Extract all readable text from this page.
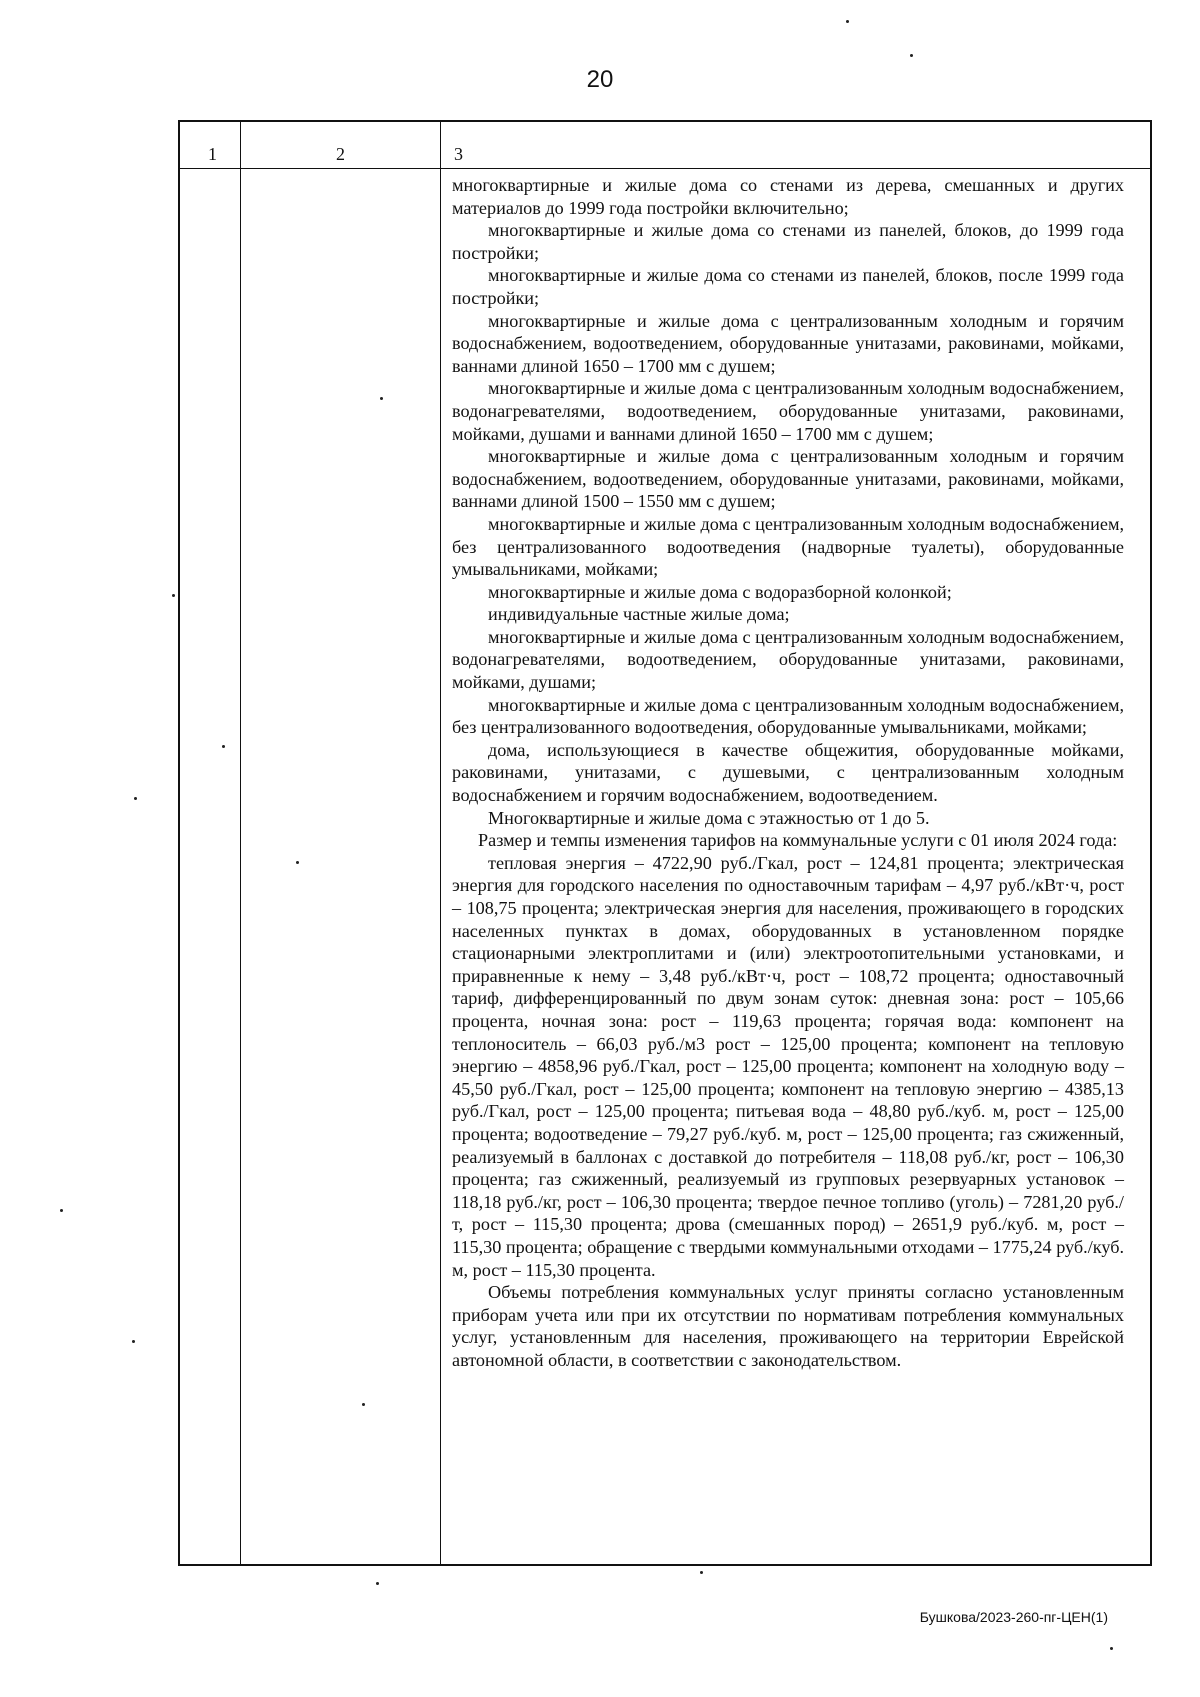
20
1	2	3

многоквартирные и жилые дома со стенами из дерева, смешанных и других материалов до 1999 года постройки включительно;

многоквартирные и жилые дома со стенами из панелей, блоков, до 1999 года постройки;

многоквартирные и жилые дома со стенами из панелей, блоков, после 1999 года постройки;

многоквартирные и жилые дома с централизованным холодным и горячим водоснабжением, водоотведением, оборудованные унитазами, раковинами, мойками, ваннами длиной 1650 – 1700 мм с душем;

многоквартирные и жилые дома с централизованным холодным водоснабжением, водонагревателями, водоотведением, оборудованные унитазами, раковинами, мойками, душами и ваннами длиной 1650 – 1700 мм с душем;

многоквартирные и жилые дома с централизованным холодным и горячим водоснабжением, водоотведением, оборудованные унитазами, раковинами, мойками, ваннами длиной 1500 – 1550 мм с душем;

многоквартирные и жилые дома с централизованным холодным водоснабжением, без централизованного водоотведения (надворные туалеты), оборудованные умывальниками, мойками;

многоквартирные и жилые дома с водоразборной колонкой;

индивидуальные частные жилые дома;

многоквартирные и жилые дома с централизованным холодным водоснабжением, водонагревателями, водоотведением, оборудованные унитазами, раковинами, мойками, душами;

многоквартирные и жилые дома с централизованным холодным водоснабжением, без централизованного водоотведения, оборудованные умывальниками, мойками;

дома, использующиеся в качестве общежития, оборудованные мойками, раковинами, унитазами, с душевыми, с централизованным холодным водоснабжением и горячим водоснабжением, водоотведением.

Многоквартирные и жилые дома с этажностью от 1 до 5.

Размер и темпы изменения тарифов на коммунальные услуги с 01 июля 2024 года:

тепловая энергия – 4722,90 руб./Гкал, рост – 124,81 процента; электрическая энергия для городского населения по одноставочным тарифам – 4,97 руб./кВт·ч, рост – 108,75 процента; электрическая энергия для населения, проживающего в городских населенных пунктах в домах, оборудованных в установленном порядке стационарными электроплитами и (или) электроотопительными установками, и приравненные к нему – 3,48 руб./кВт·ч, рост – 108,72 процента; одноставочный тариф, дифференцированный по двум зонам суток: дневная зона: рост – 105,66 процента, ночная зона: рост – 119,63 процента; горячая вода: компонент на теплоноситель – 66,03 руб./м3 рост – 125,00 процента; компонент на тепловую энергию – 4858,96 руб./Гкал, рост – 125,00 процента; компонент на холодную воду – 45,50 руб./Гкал, рост – 125,00 процента; компонент на тепловую энергию – 4385,13 руб./Гкал, рост – 125,00 процента; питьевая вода – 48,80 руб./куб. м, рост – 125,00 процента; водоотведение – 79,27 руб./куб. м, рост – 125,00 процента; газ сжиженный, реализуемый в баллонах с доставкой до потребителя – 118,08 руб./кг, рост – 106,30 процента; газ сжиженный, реализуемый из групповых резервуарных установок – 118,18 руб./кг, рост – 106,30 процента; твердое печное топливо (уголь) – 7281,20 руб./т, рост – 115,30 процента; дрова (смешанных пород) – 2651,9 руб./куб. м, рост – 115,30 процента; обращение с твердыми коммунальными отходами – 1775,24 руб./куб. м, рост – 115,30 процента.

Объемы потребления коммунальных услуг приняты согласно установленным приборам учета или при их отсутствии по нормативам потребления коммунальных услуг, установленным для населения, проживающего на территории Еврейской автономной области, в соответствии с законодательством.

Бушкова/2023-260-пг-ЦЕН(1)
